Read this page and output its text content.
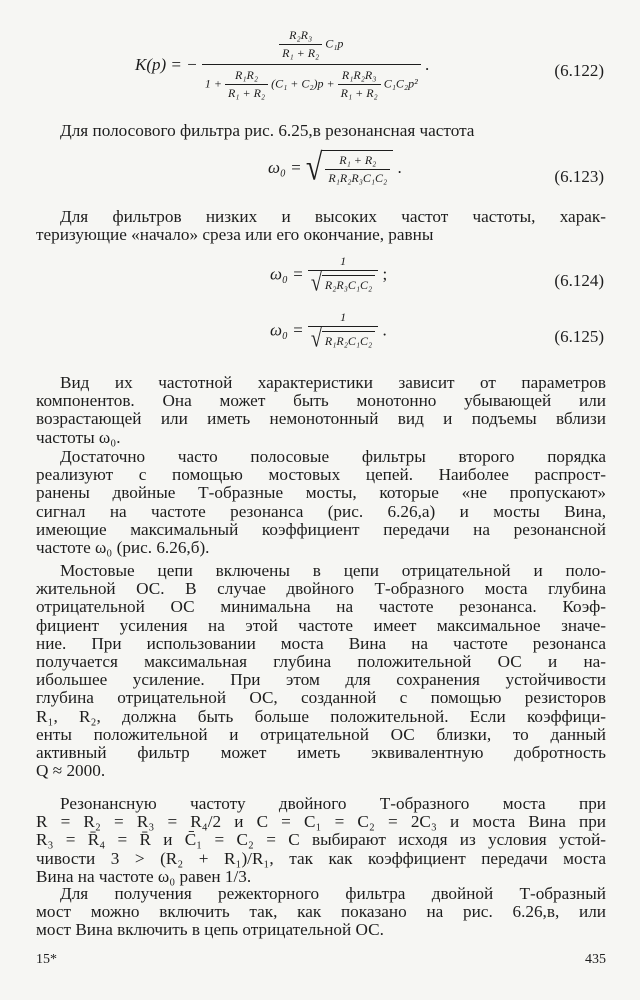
K(p) = −
$\frac{\text{R₂R₃}}{\text{R₁ + R₂}} C_1p$
$1 + \frac{\text{R₁R₂}}{\text{R₁ + R₂}} (C_1 + C_2)p + \frac{\text{R₁R₂R₃}}{\text{R₁ + R₂}} C_1C_2p^2$
.	(6.122)

Для полосового фильтра рис. 6.25,в резонансная частота

ω₀ = √ $\frac{\text{R₁ + R₂}}{\text{R₁R₂R₃C₁C₂}}$ .	(6.123)
Для фильтров низких и высоких частот частоты, харак-
теризующие «начало» среза или его окончание, равны
$\omega_0 = \frac{1}{\text{√ R₂R₃C₁C₂}}$ ;	(6.124)
$\omega_0 = \frac{1}{\text{√ R₁R₂C₁C₂}}$ .	(6.125)
Вид их частотной характеристики зависит от параметров
компонентов. Она может быть монотонно убывающей или
возрастающей или иметь немонотонный вид и подъемы вблизи
частоты ω₀.
Достаточно часто полосовые фильтры второго порядка
реализуют с помощью мостовых цепей. Наиболее распрост-
ранены двойные Т-образные мосты, которые «не пропускают»
сигнал на частоте резонанса (рис. 6.26,а) и мосты Вина,
имеющие максимальный коэффициент передачи на резонансной
частоте ω₀ (рис. 6.26,б).
Мостовые цепи включены в цепи отрицательной и поло-
жительной ОС. В случае двойного Т-образного моста глубина
отрицательной ОС минимальна на частоте резонанса. Коэф-
фициент усиления на этой частоте имеет максимальное значе-
ние. При использовании моста Вина на частоте резонанса
получается максимальная глубина положительной ОС и на-
ибольшее усиление. При этом для сохранения устойчивости
глубина отрицательной ОС, созданной с помощью резисторов
R₁, R₂, должна быть больше положительной. Если коэффици-
енты положительной и отрицательной ОС близки, то данный
активный фильтр может иметь эквивалентную добротность
Q ≈ 2000.
Резонансную частоту двойного Т-образного моста при
R = R₂ = R₃ = R₄/2 и C = C₁ = C₂ = 2C₃ и моста Вина при
R₃ = R̄₄ = R̄ и C̄₁ = C₂ = C выбирают исходя из условия устой-
чивости 3 > (R₂ + R₁)/R₁, так как коэффициент передачи моста
Вина на частоте ω₀ равен 1/3.
Для получения режекторного фильтра двойной Т-образный
мост можно включить так, как показано на рис. 6.26,в, или
мост Вина включить в цепь отрицательной ОС.
15*	435
